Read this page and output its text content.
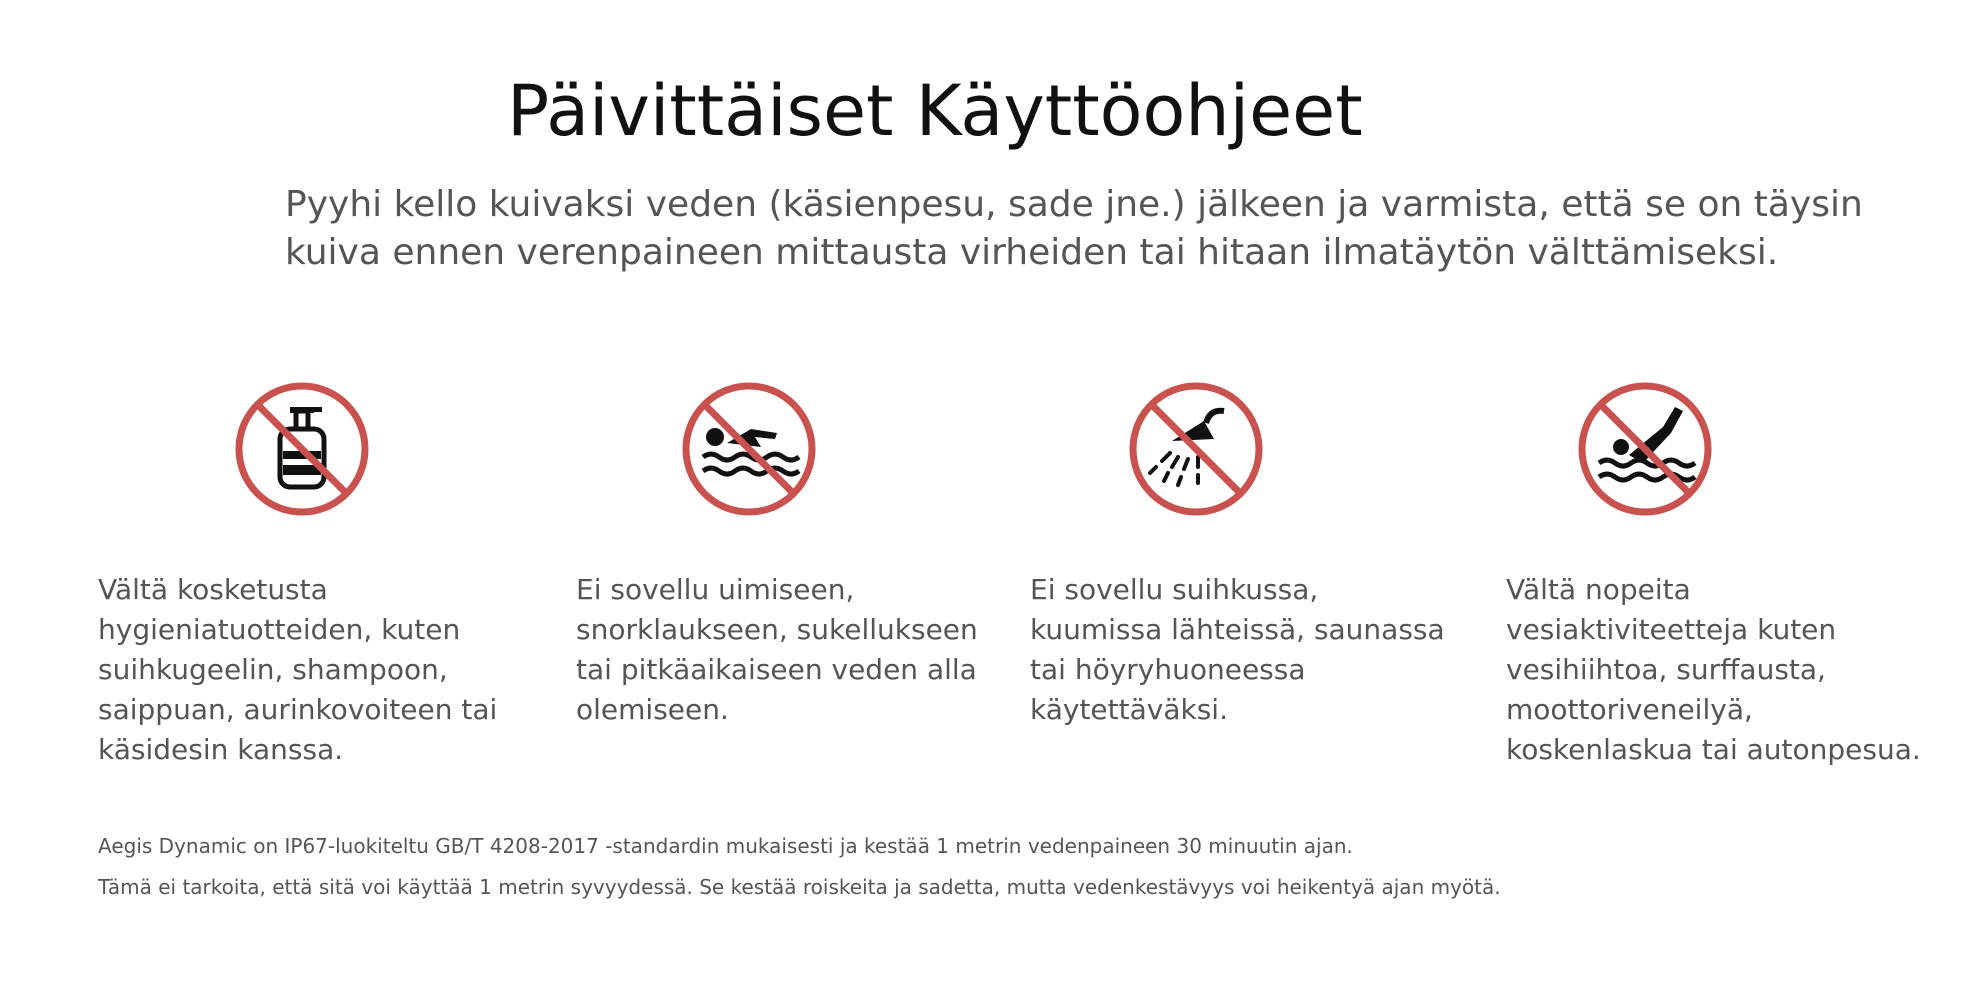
Päivittäiset Käyttöohjeet
Pyyhi kello kuivaksi veden (käsienpesu, sade jne.) jälkeen ja varmista, että se on täysin
kuiva ennen verenpaineen mittausta virheiden tai hitaan ilmatäytön välttämiseksi.

Vältä kosketusta
hygieniatuotteiden, kuten
suihkugeelin, shampoon,
saippuan, aurinkovoiteen tai
käsidesin kanssa.

Ei sovellu uimiseen,
snorklaukseen, sukellukseen
tai pitkäaikaiseen veden alla
olemiseen.

Ei sovellu suihkussa,
kuumissa lähteissä, saunassa
tai höyryhuoneessa
käytettäväksi.

Vältä nopeita
vesiaktiviteetteja kuten
vesihiihtoa, surffausta,
moottoriveneilyä,
koskenlaskua tai autonpesua.

Aegis Dynamic on IP67-luokiteltu GB/T 4208-2017 -standardin mukaisesti ja kestää 1 metrin vedenpaineen 30 minuutin ajan.

Tämä ei tarkoita, että sitä voi käyttää 1 metrin syvyydessä. Se kestää roiskeita ja sadetta, mutta vedenkestävyys voi heikentyä ajan myötä.
